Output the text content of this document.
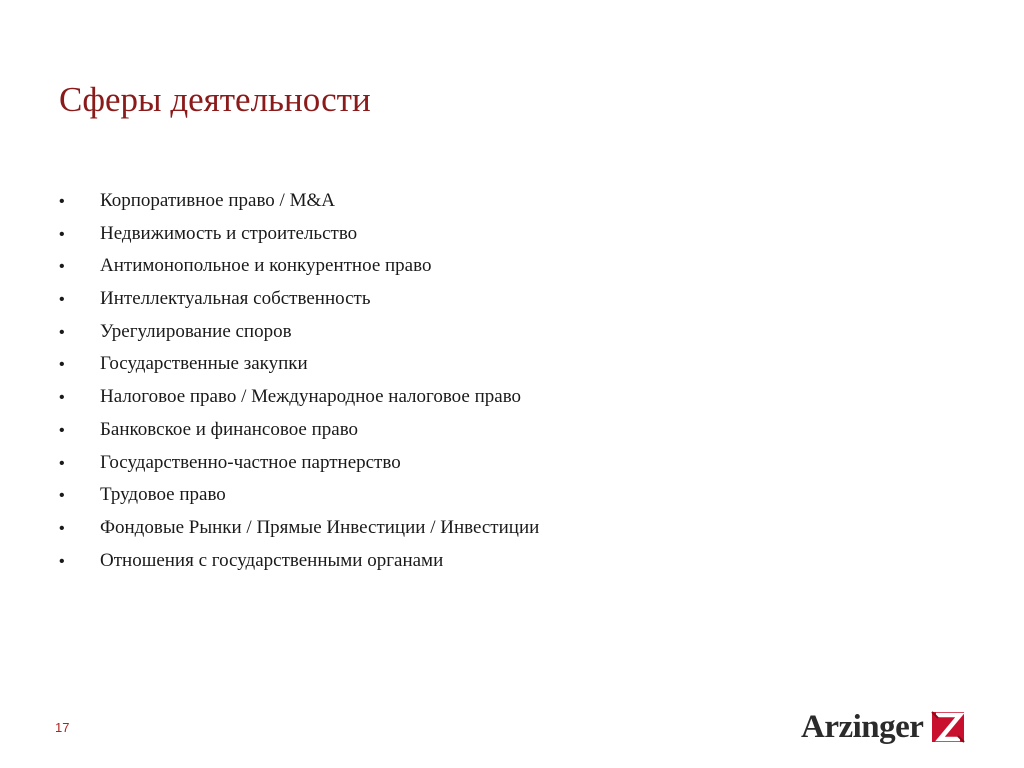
Сферы деятельности
•	Корпоративное право / M&A
•	Недвижимость и строительство
•	Антимонопольное и конкурентное право
•	Интеллектуальная собственность
•	Урегулирование споров
•	Государственные закупки
•	Налоговое право / Международное налоговое право
•	Банковское и финансовое право
•	Государственно-частное партнерство
•	Трудовое право
•	Фондовые Рынки / Прямые Инвестиции / Инвестиции
•	Отношения с государственными органами
17	Arzinger
